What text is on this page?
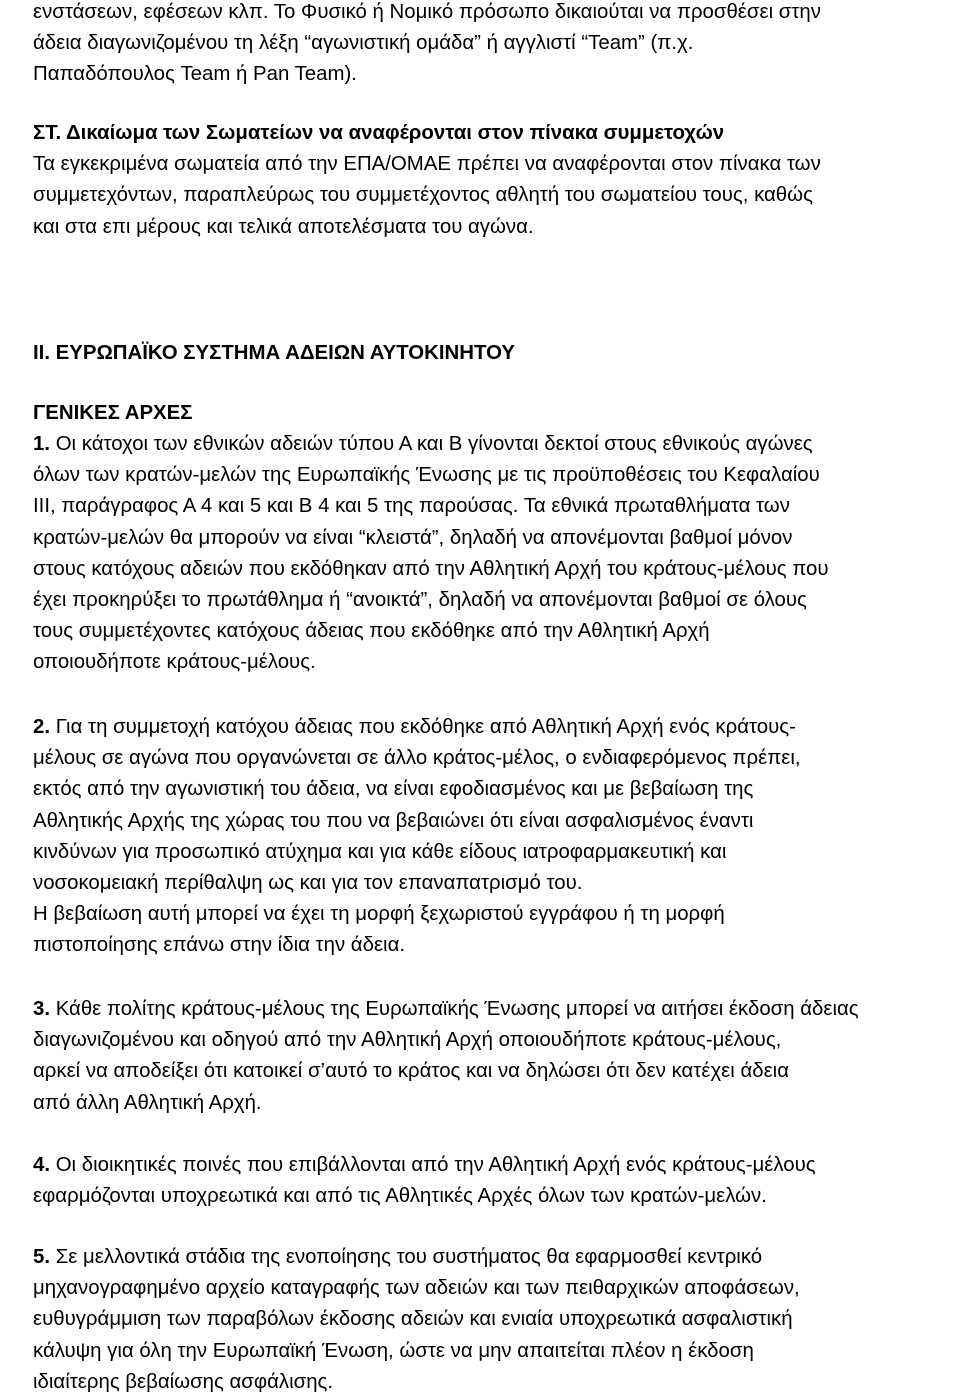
ενστάσεων, εφέσεων κλπ. Το Φυσικό ή Νομικό πρόσωπο δικαιούται να προσθέσει στην
άδεια διαγωνιζομένου τη λέξη “αγωνιστική ομάδα” ή αγγλιστί “Team” (π.χ.
Παπαδόπουλος Team ή Pan Team).
ΣΤ. Δικαίωμα των Σωματείων να αναφέρονται στον πίνακα συμμετοχών
Τα εγκεκριμένα σωματεία από την ΕΠΑ/ΟΜΑΕ πρέπει να αναφέρονται στον πίνακα των
συμμετεχόντων, παραπλεύρως του συμμετέχοντος αθλητή του σωματείου τους, καθώς
και στα επι μέρους και τελικά αποτελέσματα του αγώνα.
II. ΕΥΡΩΠΑΪΚΟ ΣΥΣΤΗΜΑ ΑΔΕΙΩΝ ΑΥΤΟΚΙΝΗΤΟΥ
ΓΕΝΙΚΕΣ ΑΡΧΕΣ
1. Οι κάτοχοι των εθνικών αδειών τύπου Α και Β γίνονται δεκτοί στους εθνικούς αγώνες
όλων των κρατών-μελών της Ευρωπαϊκής Ένωσης με τις προϋποθέσεις του Κεφαλαίου
ΙΙΙ, παράγραφος Α 4 και 5 και Β 4 και 5 της παρούσας. Τα εθνικά πρωταθλήματα των
κρατών-μελών θα μπορούν να είναι “κλειστά”, δηλαδή να απονέμονται βαθμοί μόνον
στους κατόχους αδειών που εκδόθηκαν από την Αθλητική Αρχή του κράτους-μέλους που
έχει προκηρύξει το πρωτάθλημα ή “ανοικτά”, δηλαδή να απονέμονται βαθμοί σε όλους
τους συμμετέχοντες κατόχους άδειας που εκδόθηκε από την Αθλητική Αρχή
οποιουδήποτε κράτους-μέλους.
2. Για τη συμμετοχή κατόχου άδειας που εκδόθηκε από Αθλητική Αρχή ενός κράτους-
μέλους σε αγώνα που οργανώνεται σε άλλο κράτος-μέλος, ο ενδιαφερόμενος πρέπει,
εκτός από την αγωνιστική του άδεια, να είναι εφοδιασμένος και με βεβαίωση της
Αθλητικής Αρχής της χώρας του που να βεβαιώνει ότι είναι ασφαλισμένος έναντι
κινδύνων για προσωπικό ατύχημα και για κάθε είδους ιατροφαρμακευτική και
νοσοκομειακή περίθαλψη ως και για τον επαναπατρισμό του.
Η βεβαίωση αυτή μπορεί να έχει τη μορφή ξεχωριστού εγγράφου ή τη μορφή
πιστοποίησης επάνω στην ίδια την άδεια.
3. Κάθε πολίτης κράτους-μέλους της Ευρωπαϊκής Ένωσης μπορεί να αιτήσει έκδοση άδειας
διαγωνιζομένου και οδηγού από την Αθλητική Αρχή οποιουδήποτε κράτους-μέλους,
αρκεί να αποδείξει ότι κατοικεί σ’αυτό το κράτος και να δηλώσει ότι δεν κατέχει άδεια
από άλλη Αθλητική Αρχή.
4. Οι διοικητικές ποινές που επιβάλλονται από την Αθλητική Αρχή ενός κράτους-μέλους
εφαρμόζονται υποχρεωτικά και από τις Αθλητικές Αρχές όλων των κρατών-μελών.
5. Σε μελλοντικά στάδια της ενοποίησης του συστήματος θα εφαρμοσθεί κεντρικό
μηχανογραφημένο αρχείο καταγραφής των αδειών και των πειθαρχικών αποφάσεων,
ευθυγράμμιση των παραβόλων έκδοσης αδειών και ενιαία υποχρεωτικά ασφαλιστική
κάλυψη για όλη την Ευρωπαϊκή Ένωση, ώστε να μην απαιτείται πλέον η έκδοση
ιδιαίτερης βεβαίωσης ασφάλισης.
